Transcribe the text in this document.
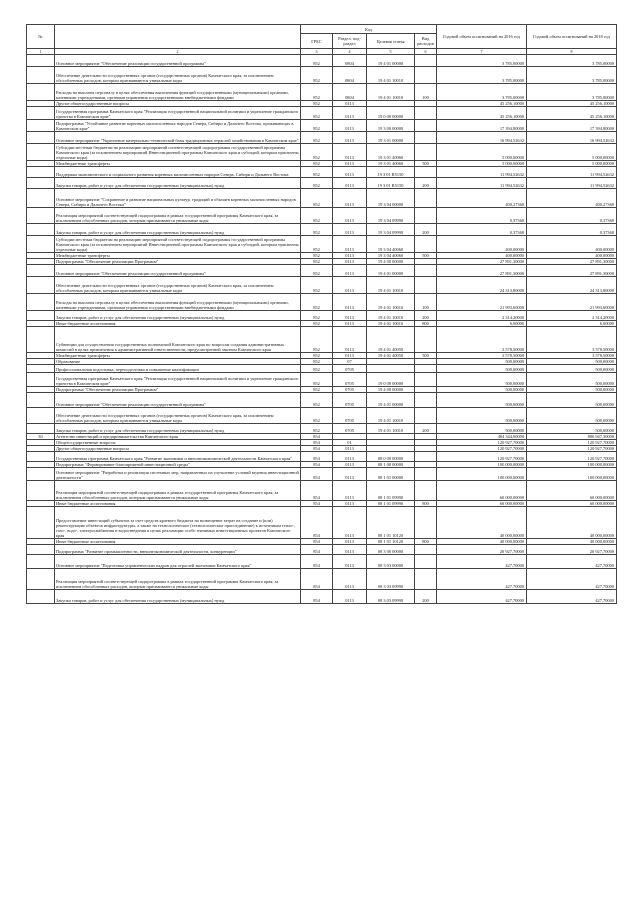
№		Код				Годовой объем ассигнований на 2016 год	Годовой объем ассигнований на 2018 год
		ГРБС	Раздел, под-раздел	Целевая статья	Вид расходов		
1	2	3	4	5	6	7	8
	Основное мероприятие "Обеспечение реализации государственной программы"	852	0804	19 4 01 00000		3 785,00000	3 785,00000
	Обеспечение деятельности государственных органов (государственных органов) Камчатского края, за исключением обособленных расходов, которым присваиваются уникальные коды	852	0804	19 4 01 10010		3 785,00000	3 785,00000
	Расходы на выплаты персоналу в целях обеспечения выполнения функций государственными (муниципальными) органами, казенными учреждениями, органами управления государственными внебюджетными фондами	852	0804	19 4 01 10010	100	3 785,00000	3 785,00000
	Другие общегосударственные вопросы	852	0113			45 256,10000	45 256,10000
	Государственная программа Камчатского края "Реализация государственной национальной политики и укрепление гражданского единства в Камчатском крае"	852	0113	19 0 00 00000		45 256,10000	45 256,10000
	Подпрограмма "Устойчивое развитие коренных малочисленных народов Севера, Сибири и Дальнего Востока, проживающих в Камчатском крае"	852	0113	19 3 00 00000		17 394,80000	17 394,80000
	Основное мероприятие "Укрепление материально-технической базы традиционных отраслей хозяйствования в Камчатском крае"	852	0113	19 3 01 00000		16 994,52632	16 994,52632
	Субсидии местным бюджетам на реализацию мероприятий соответствующей подпрограммы государственной программы Камчатского края (за исключением мероприятий Инвестиционной программы Камчатского края и субсидий, которым присвоены отдельные коды)	852	0113	19 3 01 40060		5 000,00000	5 000,00000
	Межбюджетные трансферты	852	0113	19 3 01 40060	500	5 000,00000	5 000,00000
	Поддержка экономического и социального развития коренных малочисленных народов Севера, Сибири и Дальнего Востока	852	0113	19 3 01 R5150		11 994,52632	11 994,52632
	Закупка товаров, работ и услуг для обеспечения государственных (муниципальных) нужд	852	0113	19 3 01 R5150	200	11 994,52632	11 994,52632
	Основное мероприятие "Сохранение и развитие национальных культур, традиций и обычаев коренных малочисленных народов Севера, Сибири и Дальнего Востока"	852	0113	19 3 04 00000		400,27368	400,27368
	Реализация мероприятий соответствующей подпрограммы в рамках государственной программы Камчатского края, за исключением обособленных расходов, которым присваиваются уникальные коды	852	0113	19 3 04 09990		0,37368	0,37368
	Закупка товаров, работ и услуг для обеспечения государственных (муниципальных) нужд	852	0113	19 3 04 09990	200	0,37368	0,37368
	Субсидии местным бюджетам на реализацию мероприятий соответствующей подпрограммы государственной программы Камчатского края (за исключением мероприятий Инвестиционной программы Камчатского края и субсидий, которым присвоены отдельные коды)	852	0113	19 3 04 40060		400,00000	400,00000
	Межбюджетные трансферты	852	0113	19 3 04 40060	500	400,00000	400,00000
	Подпрограмма "Обеспечение реализации Программы"	852	0113	19 4 00 00000		27 891,30000	27 891,30000
	Основное мероприятие "Обеспечение реализации государственной программы"	852	0113	19 4 01 00000		27 891,30000	27 891,30000
	Обеспечение деятельности государственных органов (государственных органов) Камчатского края, за исключением обособленных расходов, которым присваиваются уникальные коды	852	0113	19 4 01 10010		24 313,80000	24 313,80000
	Расходы на выплаты персоналу в целях обеспечения выполнения функций государственными (муниципальными) органами, казенными учреждениями, органами управления государственными внебюджетными фондами	852	0113	19 4 01 10010	100	21 993,60000	21 993,60000
	Закупка товаров, работ и услуг для обеспечения государственных (муниципальных) нужд	852	0113	19 4 01 10010	200	2 314,20000	2 314,20000
	Иные бюджетные ассигнования	852	0113	19 4 01 10010	800	6,00000	6,00000
	Субвенции для осуществления государственных полномочий Камчатского края по вопросам создания административных комиссий в целях привлечения к административной ответственности, предусмотренной законом Камчатского края	852	0113	19 4 01 40050		3 578,50000	3 578,50000
	Межбюджетные трансферты	852	0113	19 4 01 40050	500	3 578,50000	3 578,50000
	Образование	852	07			500,00000	500,00000
	Профессиональная подготовка, переподготовка и повышение квалификации	852	0705			500,00000	500,00000
	Государственная программа Камчатского края "Реализация государственной национальной политики и укрепление гражданского единства в Камчатском крае"	852	0705	19 0 00 00000		500,00000	500,00000
	Подпрограмма "Обеспечение реализации Программы"	852	0705	19 4 00 00000		500,00000	500,00000
	Основное мероприятие "Обеспечение реализации государственной программы"	852	0705	19 4 01 00000		500,00000	500,00000
	Обеспечение деятельности государственных органов (государственных органов) Камчатского края, за исключением обособленных расходов, которым присваиваются уникальные коды	852	0705	19 4 01 10010		500,00000	500,00000
	Закупка товаров, работ и услуг для обеспечения государственных (муниципальных) нужд	852	0705	19 4 01 10010	200	500,00000	500,00000
30	Агентство инвестиций и предпринимательства Камчатского края	854				484 344,00000	886 947,30000
	Общегосударственные вопросы	854	01			120 927,70000	120 927,70000
	Другие общегосударственные вопросы	854	0113			120 927,70000	120 927,70000
	Государственная программа Камчатского края "Развитие экономики и внешнеэкономической деятельности Камчатского края"	854	0113	08 0 00 00000		120 927,70000	120 927,70000
	Подпрограмма "Формирование благоприятной инвестиционной среды"	854	0113	08 1 00 00000		100 000,00000	100 000,00000
	Основное мероприятие "Разработка и реализация системных мер, направленных на улучшение условий ведения инвестиционной деятельности"	854	0113	08 1 01 00000		100 000,00000	100 000,00000
	Реализация мероприятий соответствующей подпрограммы в рамках государственной программы Камчатского края, за исключением обособленных расходов, которым присваиваются уникальные коды	854	0113	08 1 01 09990		60 000,00000	60 000,00000
	Иные бюджетные ассигнования	854	0113	08 1 01 09990	800	60 000,00000	60 000,00000
	Предоставление инвестиций субъектов за счет средств краевого бюджета на возмещение затрат на создание и (или) реконструкцию объектов инфраструктуры, а также на технологическое (технологические присоединение) к источникам тепло-, газо-, водо-, электроснабжения и водоотведения в целях реализации особо значимых инвестиционных проектов Камчатского края	854	0113	08 1 01 10120		40 000,00000	40 000,00000
	Иные бюджетные ассигнования	854	0113	08 1 01 10120	800	40 000,00000	40 000,00000
	Подпрограмма "Развитие промышленности, внешнеэкономической деятельности, конкуренции"	854	0113	08 3 00 00000		20 927,70000	20 927,70000
	Основное мероприятие "Подготовка управленческих кадров для отраслей экономики Камчатского края"	854	0113	08 3 03 00000		427,70000	427,70000
	Реализация мероприятий соответствующей подпрограммы в рамках государственной программы Камчатского края, за исключением обособленных расходов, которым присваиваются уникальные коды	854	0113	08 3 03 09990		427,70000	427,70000
	Закупка товаров, работ и услуг для обеспечения государственных (муниципальных) нужд	854	0113	08 3 03 09990	200	427,70000	427,70000
